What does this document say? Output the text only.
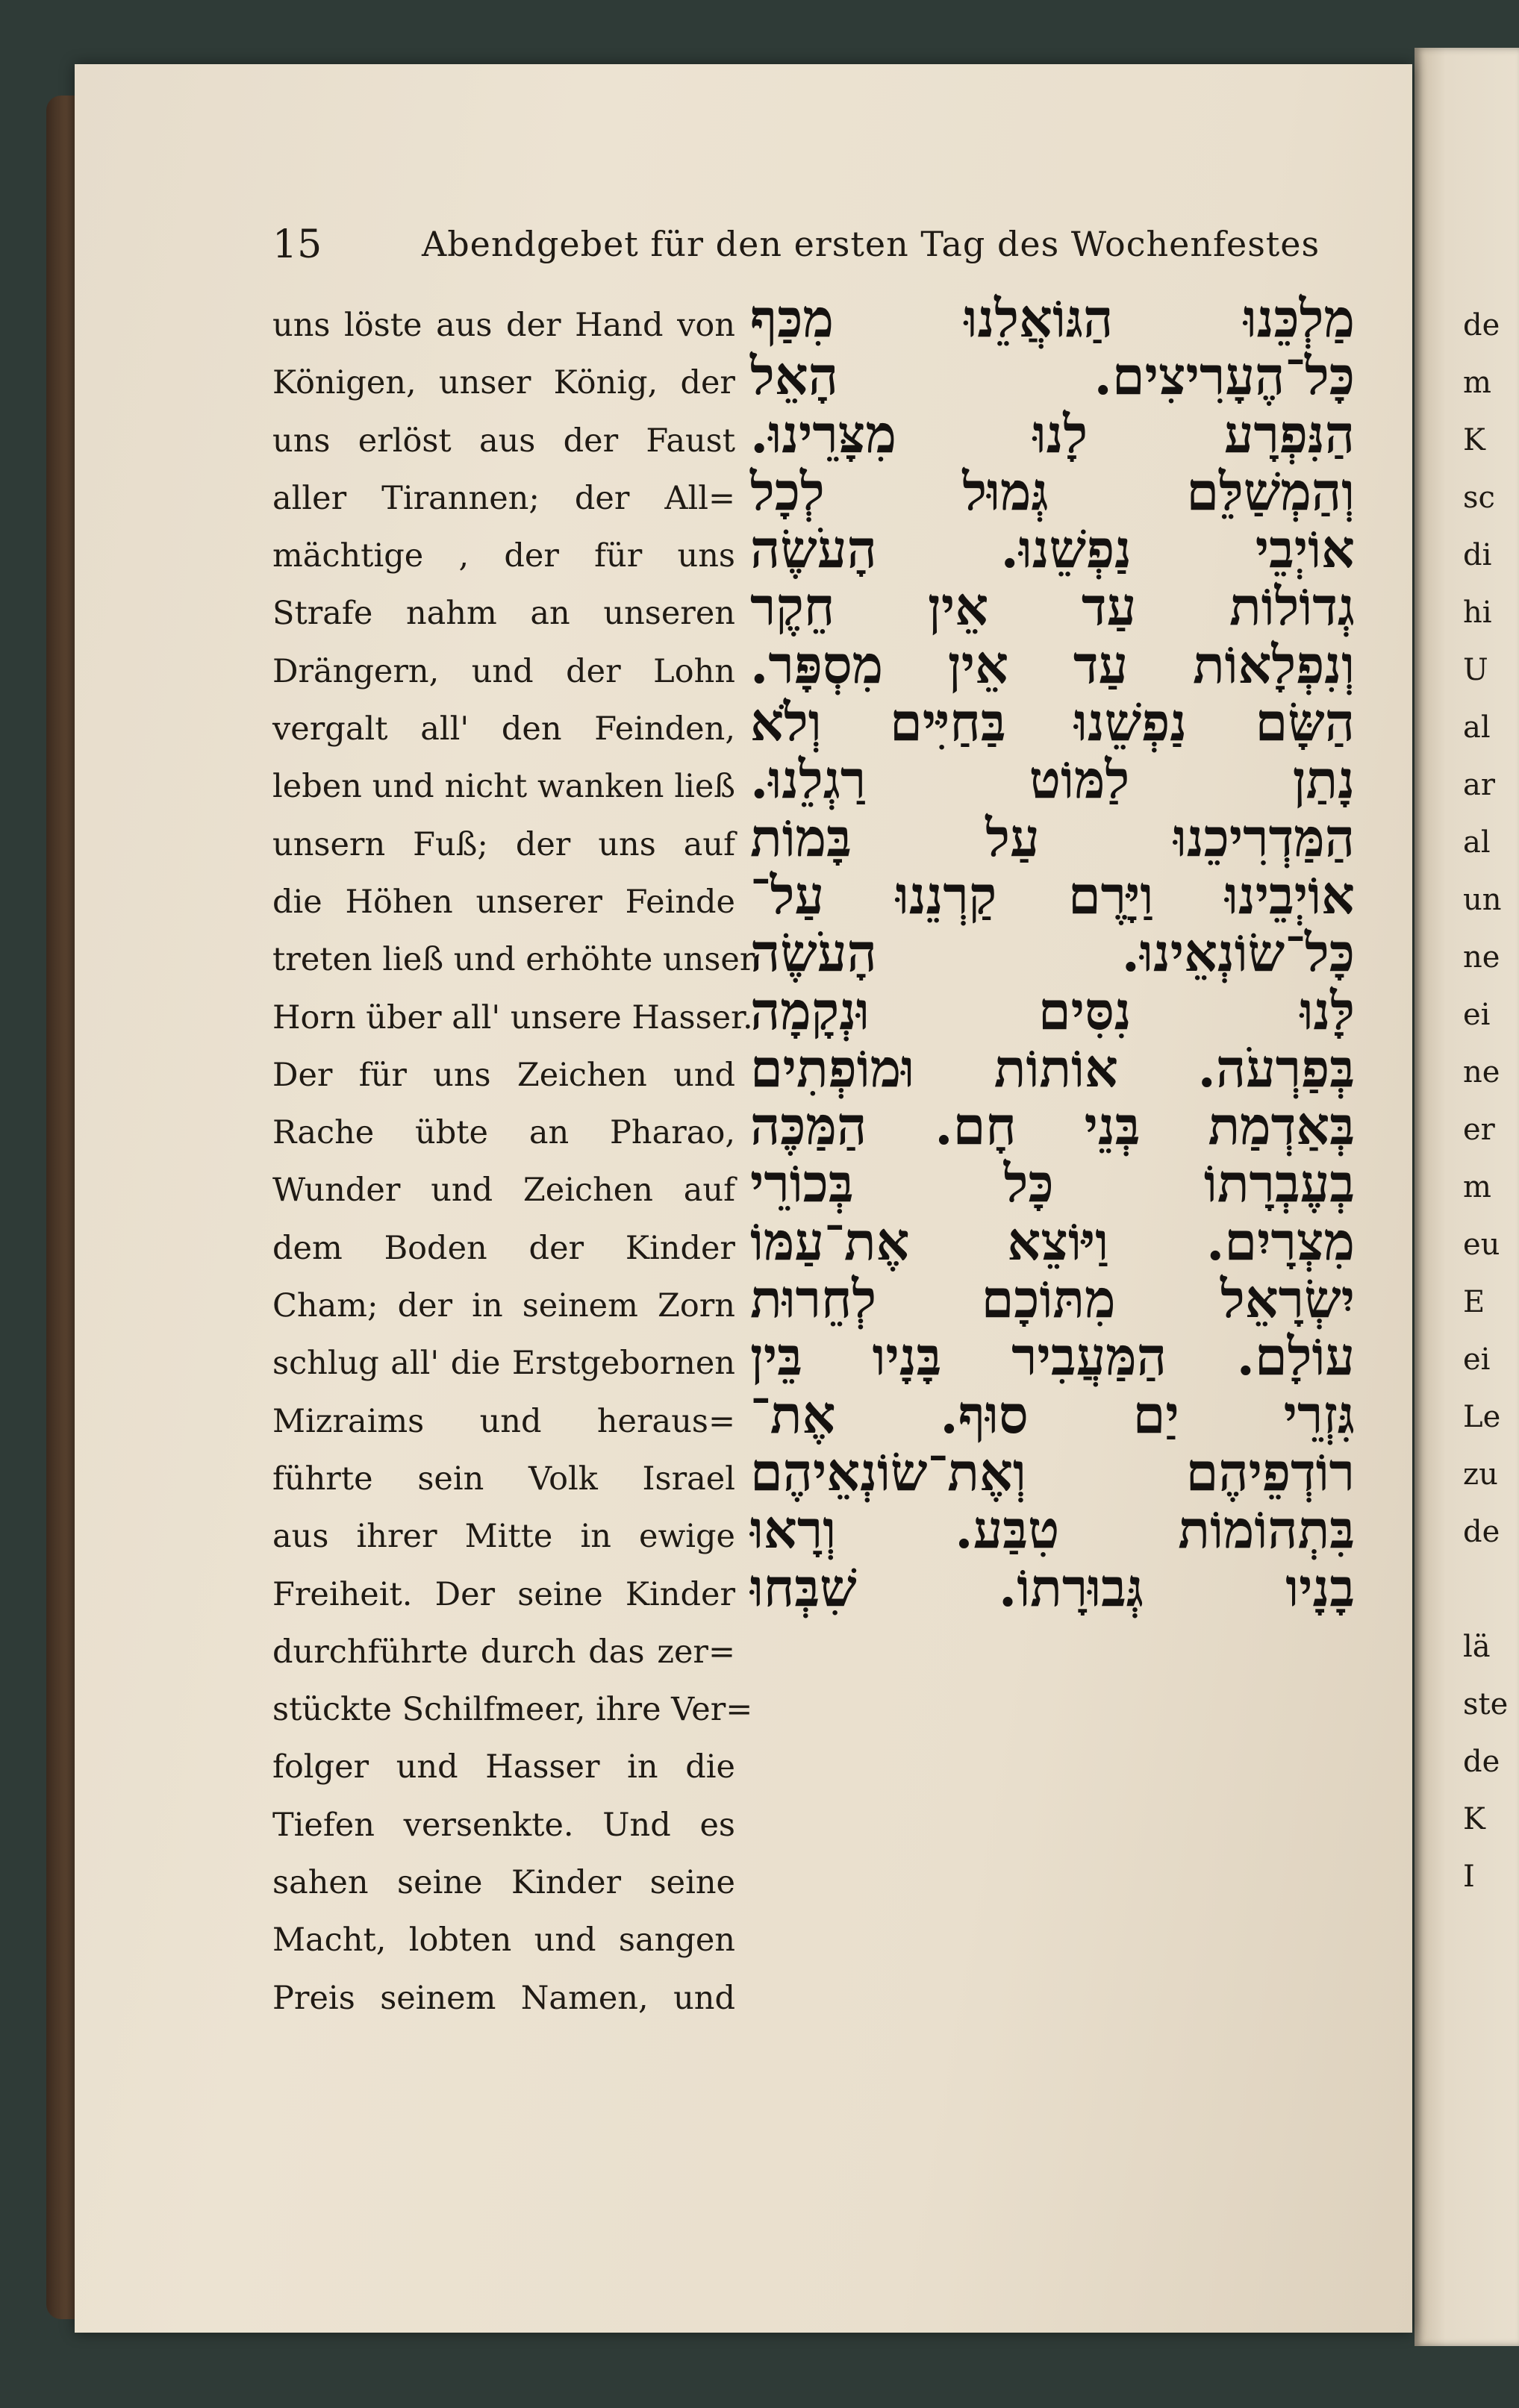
15	Abendgebet für den ersten Tag des Wochenfestes
uns löste aus der Hand von
Königen, unser König, der
uns erlöst aus der Faust
aller Tirannen; der All=
mächtige , der für uns
Strafe nahm an unseren
Drängern, und der Lohn
vergalt all' den Feinden,
leben und nicht wanken ließ
unsern Fuß; der uns auf
die Höhen unserer Feinde
treten ließ und erhöhte unser
Horn über all' unsere Hasser.
Der für uns Zeichen und
Rache übte an Pharao,
Wunder und Zeichen auf
dem Boden der Kinder
Cham; der in seinem Zorn
schlug all' die Erstgebornen
Mizraims und heraus=
führte sein Volk Israel
aus ihrer Mitte in ewige
Freiheit. Der seine Kinder
durchführte durch das zer=
stückte Schilfmeer, ihre Ver=
folger und Hasser in die
Tiefen versenkte. Und es
sahen seine Kinder seine
Macht, lobten und sangen
Preis seinem Namen, und
מַלְכֵּנוּ הַגּוֹאֲלֵנוּ מִכַּף
כָּל־הֶעָרִיצִים. הָאֵל
הַנִּפְרָע לָנוּ מִצָּרֵינוּ.
וְהַמְשַׁלֵּם גְּמוּל לְכָל
אוֹיְבֵי נַפְשֵׁנוּ. הָעֹשֶׂה
גְדוֹלוֹת עַד אֵין חֵקֶר
וְנִפְלָאוֹת עַד אֵין מִסְפָּר.
הַשָּׂם נַפְשֵׁנוּ בַּחַיִּים וְלֹא
נָתַן לַמּוֹט רַגְלֵנוּ.
הַמַּדְרִיכֵנוּ עַל בָּמוֹת
אוֹיְבֵינוּ וַיָּרֶם קַרְנֵנוּ עַל־
כָּל־שׂוֹנְאֵינוּ. הָעֹשֶׂה
לָּנוּ נִסִּים וּנְקָמָה
בְּפַרְעֹה. אוֹתוֹת וּמוֹפְתִים
בְּאַדְמַת בְּנֵי חָם. הַמַּכֶּה
בְעֶבְרָתוֹ כָּל בְּכוֹרֵי
מִצְרָיִם. וַיּוֹצֵא אֶת־עַמּוֹ
יִשְׂרָאֵל מִתּוֹכָם לְחֵרוּת
עוֹלָם. הַמַּעֲבִיר בָּנָיו בֵּין
גִּזְרֵי יַם סוּף. אֶת־
רוֹדְפֵיהֶם וְאֶת־שׂוֹנְאֵיהֶם
בִּתְהוֹמוֹת טִבַּע. וְרָאוּ
בָנָיו גְּבוּרָתוֹ. שִׁבְּחוּ
de
m
K
sc
di
hi
U
al
ar
al
un
ne
ei
ne
er
m
eu
E
ei
Le
zu
de
lä
ste
de
K
I
